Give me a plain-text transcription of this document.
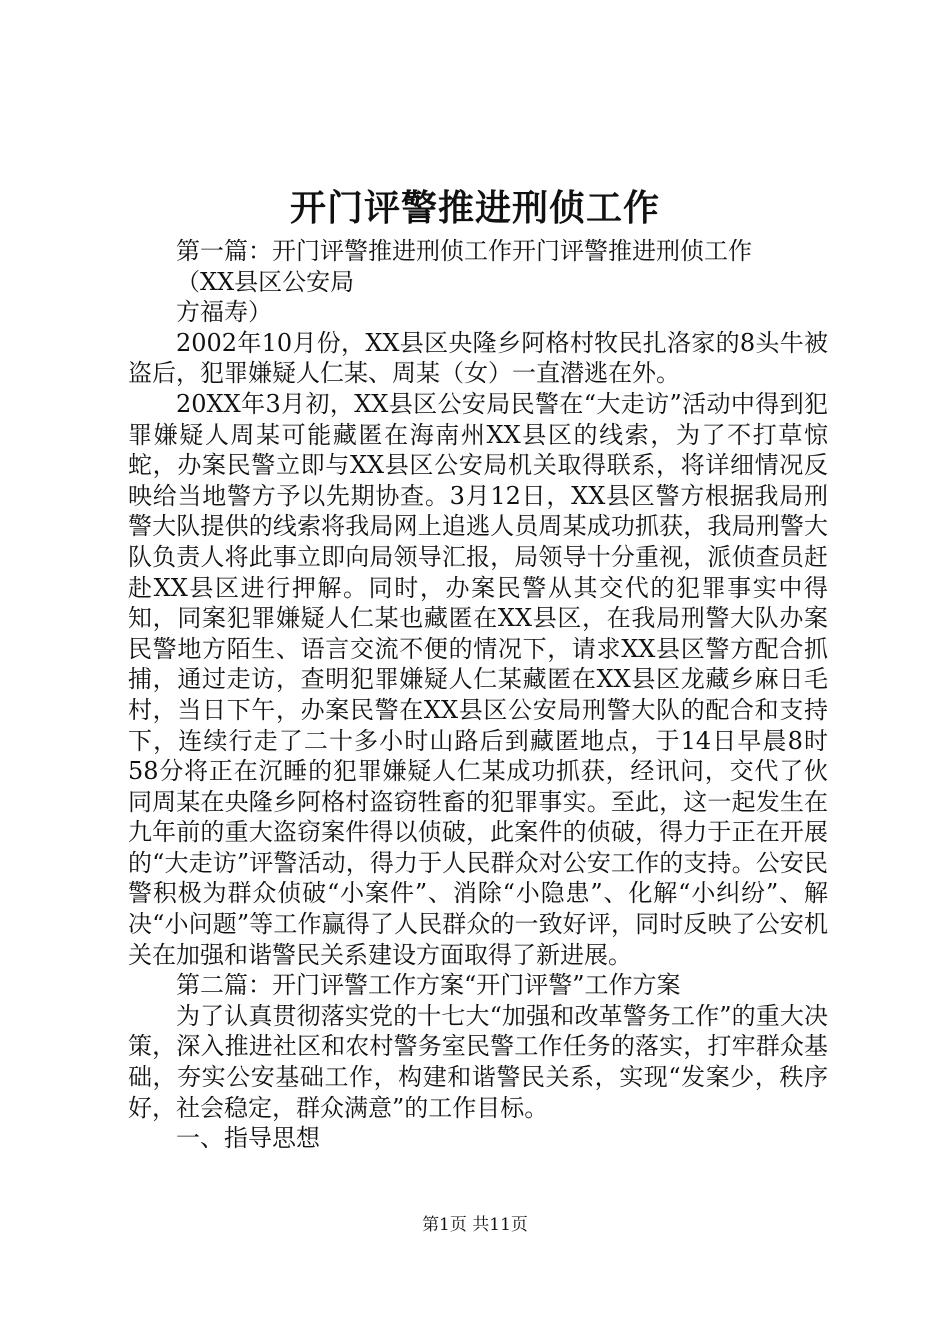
开门评警推进刑侦工作

第一篇：开门评警推进刑侦工作开门评警推进刑侦工作

（XX县区公安局

方福寿）

2002年10月份，XX县区央隆乡阿格村牧民扎洛家的8头牛被盗后，犯罪嫌疑人仁某、周某（女）一直潜逃在外。

20XX年3月初，XX县区公安局民警在“大走访”活动中得到犯罪嫌疑人周某可能藏匿在海南州XX县区的线索，为了不打草惊蛇，办案民警立即与XX县区公安局机关取得联系，将详细情况反映给当地警方予以先期协查。3月12日，XX县区警方根据我局刑警大队提供的线索将我局网上追逃人员周某成功抓获，我局刑警大队负责人将此事立即向局领导汇报，局领导十分重视，派侦查员赶赴XX县区进行押解。同时，办案民警从其交代的犯罪事实中得知，同案犯罪嫌疑人仁某也藏匿在XX县区，在我局刑警大队办案民警地方陌生、语言交流不便的情况下，请求XX县区警方配合抓捕，通过走访，查明犯罪嫌疑人仁某藏匿在XX县区龙藏乡麻日毛村，当日下午，办案民警在XX县区公安局刑警大队的配合和支持下，连续行走了二十多小时山路后到藏匿地点，于14日早晨8时58分将正在沉睡的犯罪嫌疑人仁某成功抓获，经讯问，交代了伙同周某在央隆乡阿格村盗窃牲畜的犯罪事实。至此，这一起发生在九年前的重大盗窃案件得以侦破，此案件的侦破，得力于正在开展的“大走访”评警活动，得力于人民群众对公安工作的支持。公安民警积极为群众侦破“小案件”、消除“小隐患”、化解“小纠纷”、解决“小问题”等工作赢得了人民群众的一致好评，同时反映了公安机关在加强和谐警民关系建设方面取得了新进展。

第二篇：开门评警工作方案“开门评警”工作方案

为了认真贯彻落实党的十七大“加强和改革警务工作”的重大决策，深入推进社区和农村警务室民警工作任务的落实，打牢群众基础，夯实公安基础工作，构建和谐警民关系，实现“发案少，秩序好，社会稳定，群众满意”的工作目标。

一、指导思想

第1页 共11页
